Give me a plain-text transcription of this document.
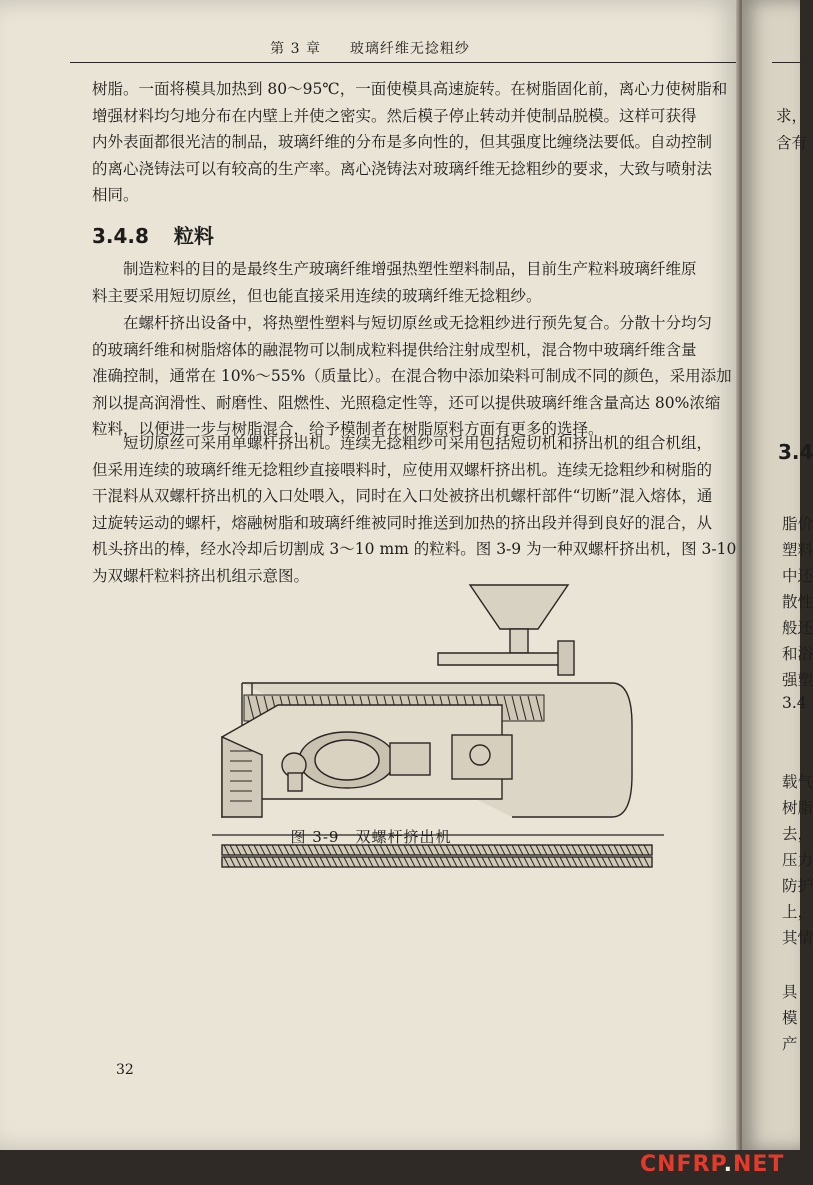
第 3 章 玻璃纤维无捻粗纱
树脂。一面将模具加热到 80～95℃，一面使模具高速旋转。在树脂固化前，离心力使树脂和
增强材料均匀地分布在内壁上并使之密实。然后模子停止转动并使制品脱模。这样可获得
内外表面都很光洁的制品，玻璃纤维的分布是多向性的，但其强度比缠绕法要低。自动控制
的离心浇铸法可以有较高的生产率。离心浇铸法对玻璃纤维无捻粗纱的要求，大致与喷射法
相同。
3.4.8 粒料
制造粒料的目的是最终生产玻璃纤维增强热塑性塑料制品，目前生产粒料玻璃纤维原
料主要采用短切原丝，但也能直接采用连续的玻璃纤维无捻粗纱。
在螺杆挤出设备中，将热塑性塑料与短切原丝或无捻粗纱进行预先复合。分散十分均匀
的玻璃纤维和树脂熔体的融混物可以制成粒料提供给注射成型机，混合物中玻璃纤维含量
准确控制，通常在 10%～55%（质量比）。在混合物中添加染料可制成不同的颜色，采用添加
剂以提高润滑性、耐磨性、阻燃性、光照稳定性等，还可以提供玻璃纤维含量高达 80%浓缩
粒料，以便进一步与树脂混合，给予模制者在树脂原料方面有更多的选择。
短切原丝可采用单螺杆挤出机。连续无捻粗纱可采用包括短切机和挤出机的组合机组，
但采用连续的玻璃纤维无捻粗纱直接喂料时，应使用双螺杆挤出机。连续无捻粗纱和树脂的
干混料从双螺杆挤出机的入口处喂入，同时在入口处被挤出机螺杆部件“切断”混入熔体，通
过旋转运动的螺杆，熔融树脂和玻璃纤维被同时推送到加热的挤出段并得到良好的混合，从
机头挤出的棒，经水冷却后切割成 3～10 mm 的粒料。图 3-9 为一种双螺杆挤出机，图 3-10
为双螺杆粒料挤出机组示意图。
图 3-9　双螺杆挤出机
32
求，
含有
3.4
脂价
塑料
中还
散性
般还
和浴
强塑
3.4
载气
树脂
去，
压力
防护
上，
其情
具
模
产
CNFRP.NET
